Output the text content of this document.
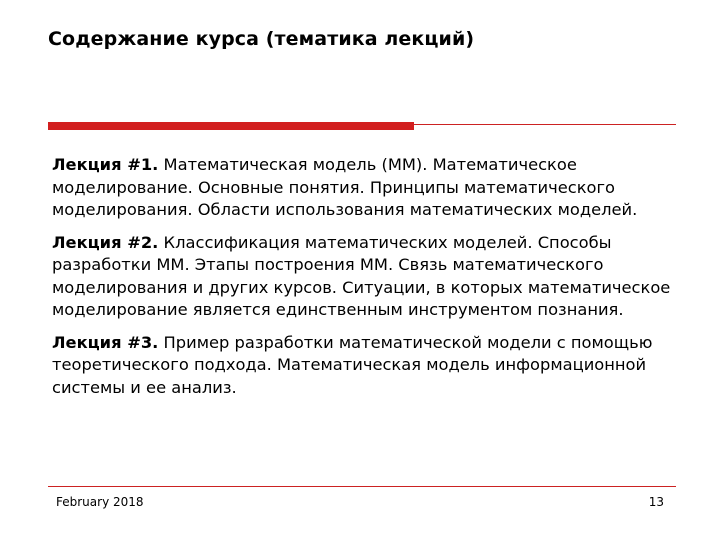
Содержание курса (тематика лекций)

Лекция #1. Математическая модель (ММ). Математическое моделирование. Основные понятия. Принципы математического моделирования. Области использования математических моделей.

Лекция #2. Классификация математических моделей. Способы разработки ММ. Этапы построения ММ. Связь математического моделирования и других курсов. Ситуации, в которых математическое моделирование является единственным инструментом познания.

Лекция #3. Пример разработки математической модели с помощью теоретического подхода. Математическая модель информационной системы и ее анализ.

February 2018	13
